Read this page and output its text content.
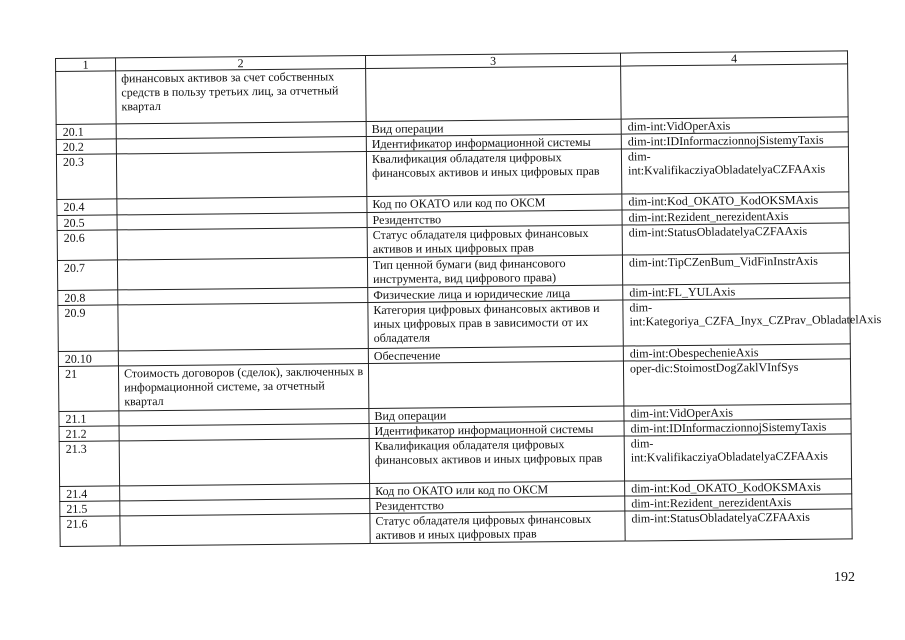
1	2	3	4
	финансовых активов за счет собственных средств в пользу третьих лиц, за отчетный квартал		
20.1		Вид операции	dim-int:VidOperAxis
20.2		Идентификатор информационной системы	dim-int:IDInformaczionnojSistemyTaxis
20.3		Квалификация обладателя цифровых финансовых активов и иных цифровых прав	dim-int:KvalifikacziyaObladatelyaCZFAAxis
20.4		Код по ОКАТО или код по ОКСМ	dim-int:Kod_OKATO_KodOKSMAxis
20.5		Резидентство	dim-int:Rezident_nerezidentAxis
20.6		Статус обладателя цифровых финансовых активов и иных цифровых прав	dim-int:StatusObladatelyaCZFAAxis
20.7		Тип ценной бумаги (вид финансового инструмента, вид цифрового права)	dim-int:TipCZenBum_VidFinInstrAxis
20.8		Физические лица и юридические лица	dim-int:FL_YULAxis
20.9		Категория цифровых финансовых активов и иных цифровых прав в зависимости от их обладателя	dim-int:Kategoriya_CZFA_Inyx_CZPrav_ObladatelAxis
20.10		Обеспечение	dim-int:ObespechenieAxis
21	Стоимость договоров (сделок), заключенных в информационной системе, за отчетный квартал		oper-dic:StoimostDogZaklVInfSys
21.1		Вид операции	dim-int:VidOperAxis
21.2		Идентификатор информационной системы	dim-int:IDInformaczionnojSistemyTaxis
21.3		Квалификация обладателя цифровых финансовых активов и иных цифровых прав	dim-int:KvalifikacziyaObladatelyaCZFAAxis
21.4		Код по ОКАТО или код по ОКСМ	dim-int:Kod_OKATO_KodOKSMAxis
21.5		Резидентство	dim-int:Rezident_nerezidentAxis
21.6		Статус обладателя цифровых финансовых активов и иных цифровых прав	dim-int:StatusObladatelyaCZFAAxis
192
